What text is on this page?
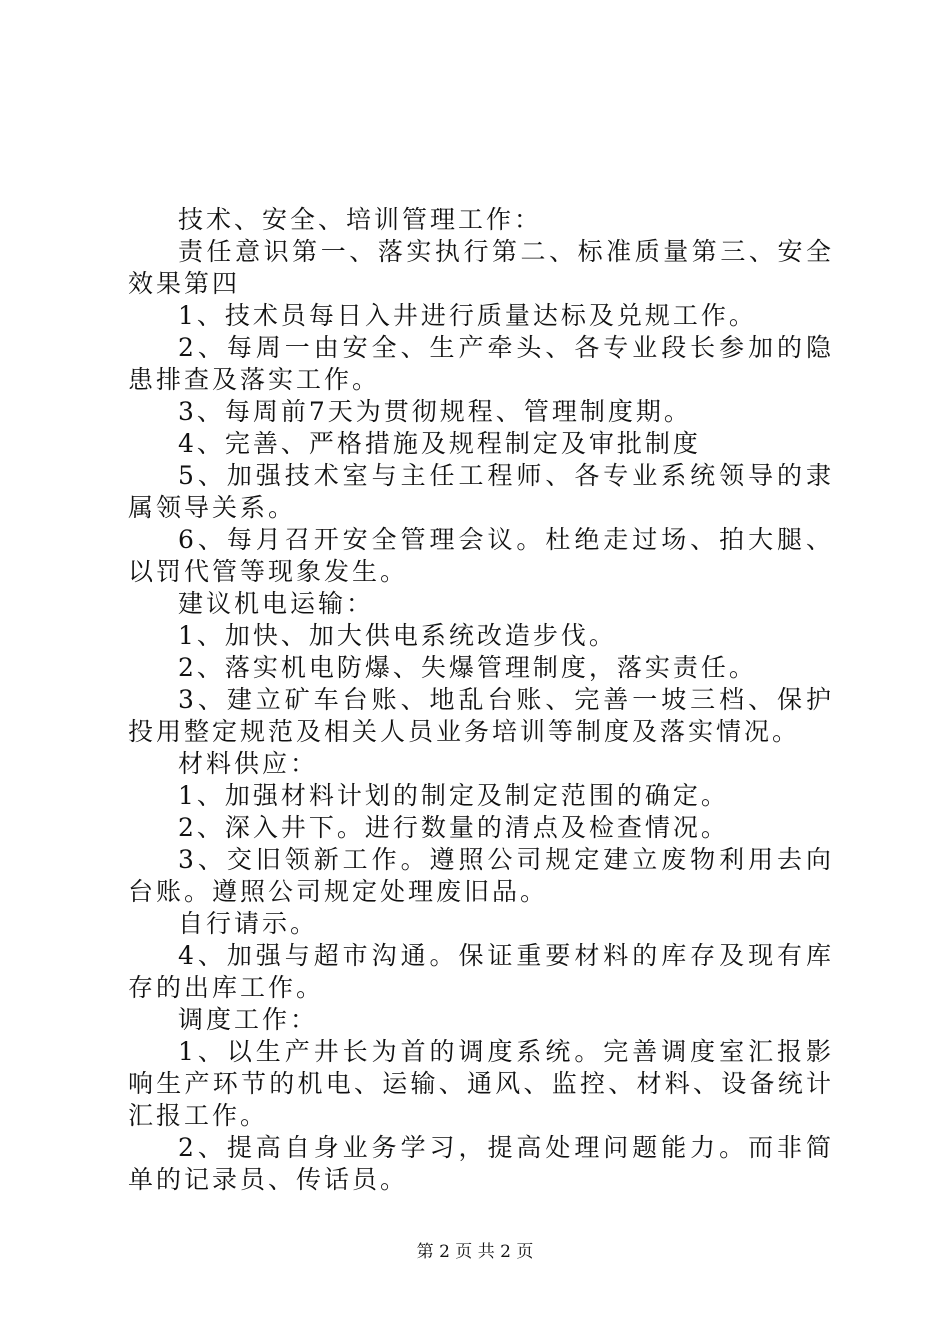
技术、安全、培训管理工作：

责任意识第一、落实执行第二、标准质量第三、安全效果第四

1、技术员每日入井进行质量达标及兑规工作。

2、每周一由安全、生产牵头、各专业段长参加的隐患排查及落实工作。

3、每周前7天为贯彻规程、管理制度期。

4、完善、严格措施及规程制定及审批制度

5、加强技术室与主任工程师、各专业系统领导的隶属领导关系。

6、每月召开安全管理会议。杜绝走过场、拍大腿、以罚代管等现象发生。

建议机电运输：

1、加快、加大供电系统改造步伐。

2、落实机电防爆、失爆管理制度，落实责任。

3、建立矿车台账、地乱台账、完善一坡三档、保护投用整定规范及相关人员业务培训等制度及落实情况。

材料供应：

1、加强材料计划的制定及制定范围的确定。

2、深入井下。进行数量的清点及检查情况。

3、交旧领新工作。遵照公司规定建立废物利用去向台账。遵照公司规定处理废旧品。

自行请示。

4、加强与超市沟通。保证重要材料的库存及现有库存的出库工作。

调度工作：

1、以生产井长为首的调度系统。完善调度室汇报影响生产环节的机电、运输、通风、监控、材料、设备统计汇报工作。

2、提高自身业务学习，提高处理问题能力。而非简单的记录员、传话员。

第 2 页 共 2 页
